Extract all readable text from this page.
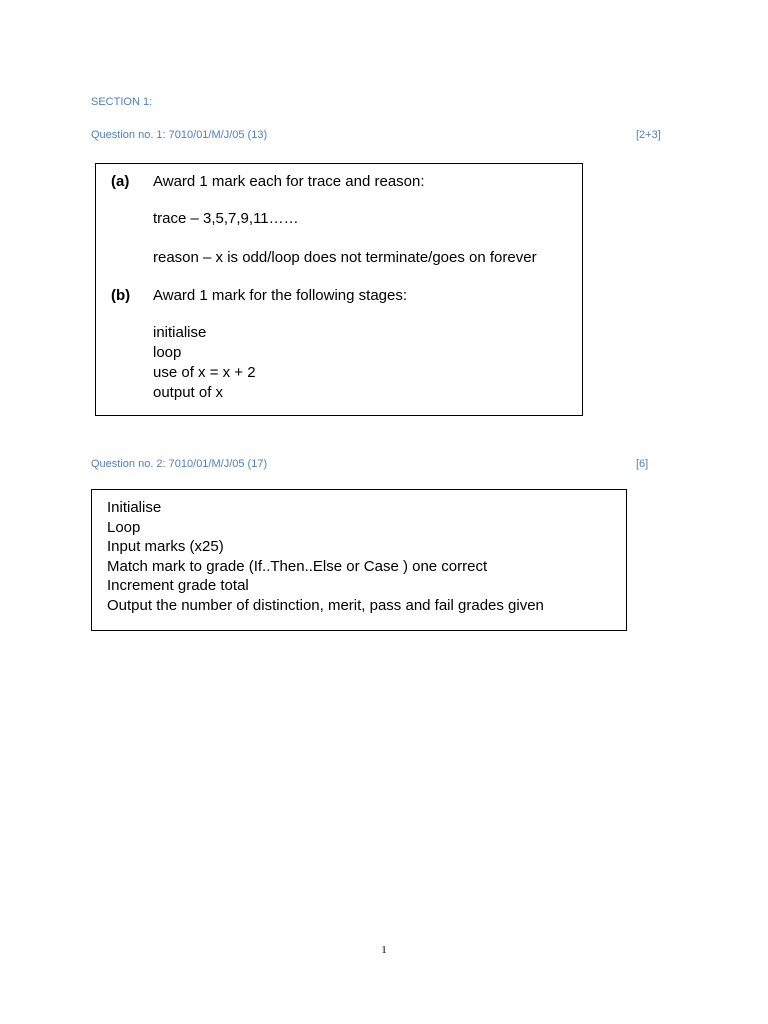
SECTION 1:
Question no. 1: 7010/01/M/J/05 (13)	[2+3]
(a) Award 1 mark each for trace and reason:
trace – 3,5,7,9,11……
reason – x is odd/loop does not terminate/goes on forever
(b) Award 1 mark for the following stages:
initialise
loop
use of x = x + 2
output of x
Question no. 2: 7010/01/M/J/05 (17)	[6]
Initialise
Loop
Input marks (x25)
Match mark to grade (If..Then..Else or Case ) one correct
Increment grade total
Output the number of distinction, merit, pass and fail grades given
1
